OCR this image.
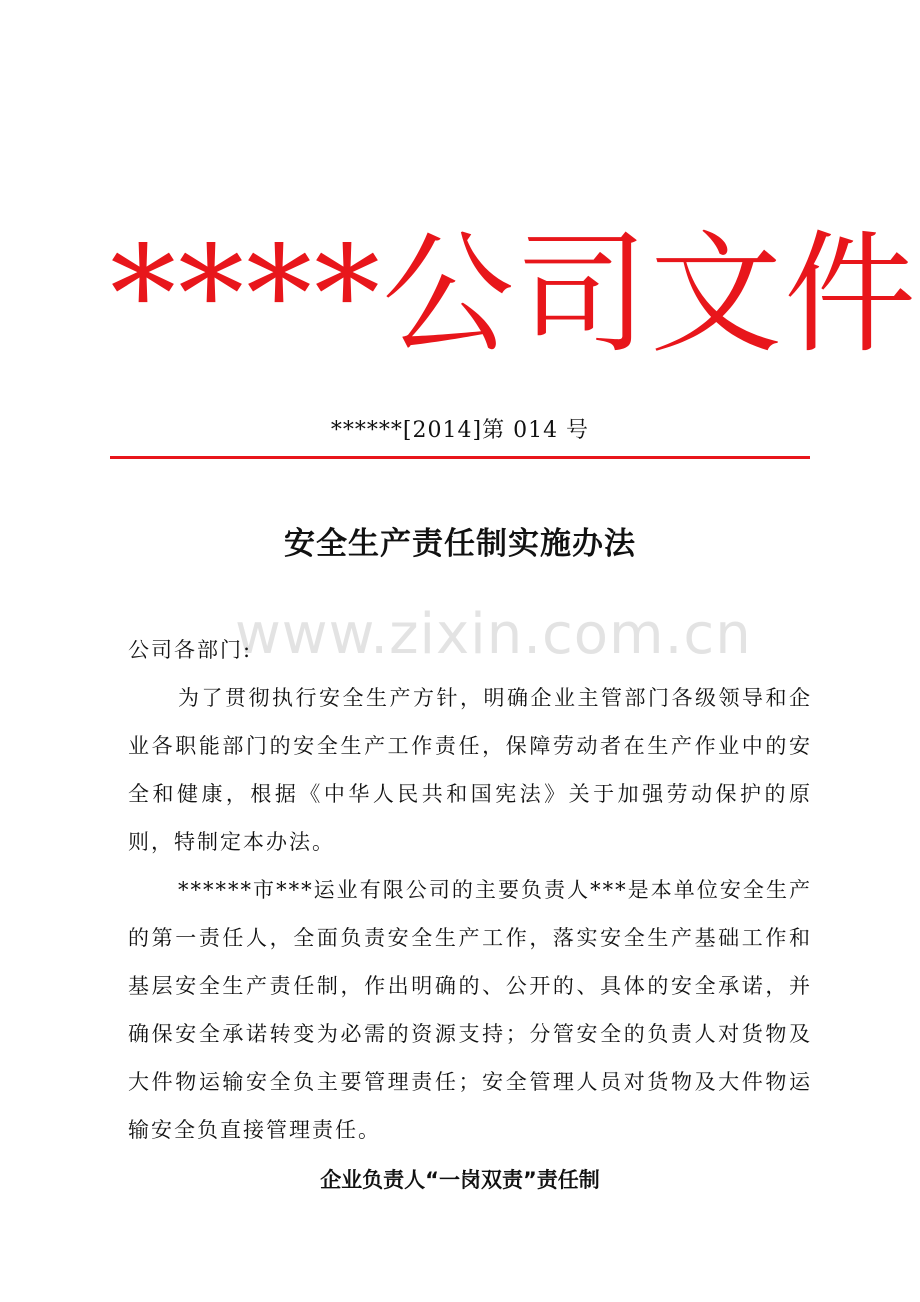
****公司文件
******[2014]第 014 号
安全生产责任制实施办法
www.zixin.com.cn
公司各部门:
为了贯彻执行安全生产方针，明确企业主管部门各级领导和企业各职能部门的安全生产工作责任，保障劳动者在生产作业中的安全和健康，根据《中华人民共和国宪法》关于加强劳动保护的原则，特制定本办法。
******市***运业有限公司的主要负责人***是本单位安全生产的第一责任人，全面负责安全生产工作，落实安全生产基础工作和基层安全生产责任制，作出明确的、公开的、具体的安全承诺，并确保安全承诺转变为必需的资源支持；分管安全的负责人对货物及大件物运输安全负主要管理责任；安全管理人员对货物及大件物运输安全负直接管理责任。
企业负责人“一岗双责”责任制
